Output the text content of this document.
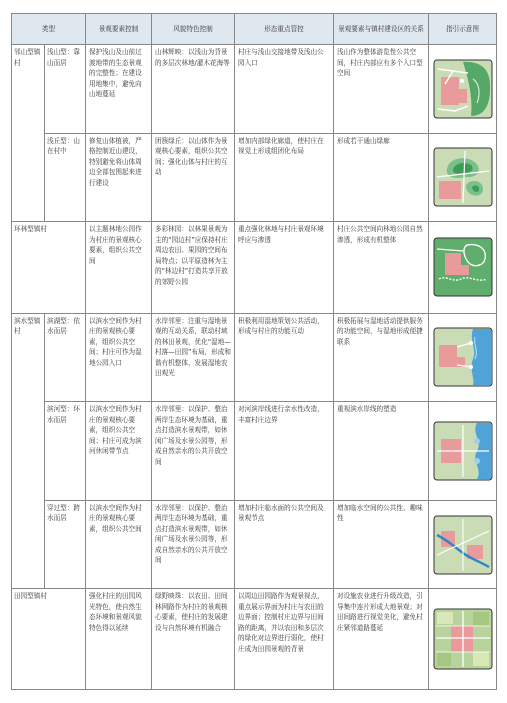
类型		景观要素控制	风貌特色控制	形态重点管控	景观要素与镇村建设区的关系	指引示意图
邻山型镇村	浅山型：靠山而居	保护浅山及山前过渡地带的生态景观的完整性；在建设用地集中，避免向山地蔓延	山林辉映：以浅山为背景的多层次林地/灌木花海等	村庄与浅山交接地带及浅山公园入口	浅山作为整体游览性公共空间，村庄内部应有多个入口型空间	

	浅丘型：山在村中	修复山体植被，严格控制近山建设，特别避免将山体周边全部包围起来进行建设	团簇绿丘：以山体作为景观核心要素，组织公共空间；强化山体与村庄的互动	增加内部绿化廊道，使村庄在视觉上形成组团化布局	形成若干通山绿廊	

环林型镇村		以主题林地公园作为村庄的景观核心要素，组织公共空间	多彩林园：以林果景观为主的“园边村”应保持村庄周边农田、果园的空间布局特点；以平原造林为主的“林边村”打造共享开放的郊野公园	重点强化林地与村庄景观环境呼应与渗透	村庄公共空间向林地公园自然渗透，形成有机整体	

滨水型镇村	滨湖型：依水而居	以滨水空间作为村庄的景观核心要素，组织公共空间；村庄可作为湿地公园入口	水岸邻里：注重与湿地景观的互动关系，联动村域的林田景观，优化“湿地—村落—田园”布局，形成和谐有机整体，发展湿地农田观光	积极利用湿地策划公共活动，形成与村庄的功能互动	积极拓展与湿地活动提供服务的功能空间，与湿地形成便捷联系	

	滨河型：环水而居	以滨水空间作为村庄的景观核心要素，组织公共空间；村庄可成为滨河休闲带节点	水岸邻里：以保护、整治两岸生态环境为基础，重点打造滨水景观带，如休闲广场及水景公园等，形成自然亲水的公共开放空间	对河滨岸线进行亲水性改造，丰富村庄边界	重视滨水岸线的塑造	

	穿过型：跨水而居	以滨水空间作为村庄的景观核心要素，组织公共空间	水岸邻里：以保护、整治两岸生态环境为基础，重点打造滨水景观带，如休闲广场及水景公园等，形成自然亲水的公共开放空间	增加村庄临水面的公共空间及景观节点	增加临水空间的公共性、趣味性	

田园型镇村		强化村庄的田园风光特色，使自然生态环境和景观风貌特色得以延续	绿野映珠：以农田、田间林网路作为村庄的景观核心要素，使村庄的发展建设与自然环境有机融合	以周边田园路作为观景视点，重点展示界面为村庄与农田的边界面；控制村庄边界与田间路的距离，并以农田和多层次的绿化对边界进行弱化，使村庄成为田园景观的背景	对设施农业进行升级改造，引导集中连片形成大地景观；对田间路进行视觉美化，避免村庄紧邻道路蔓延	
